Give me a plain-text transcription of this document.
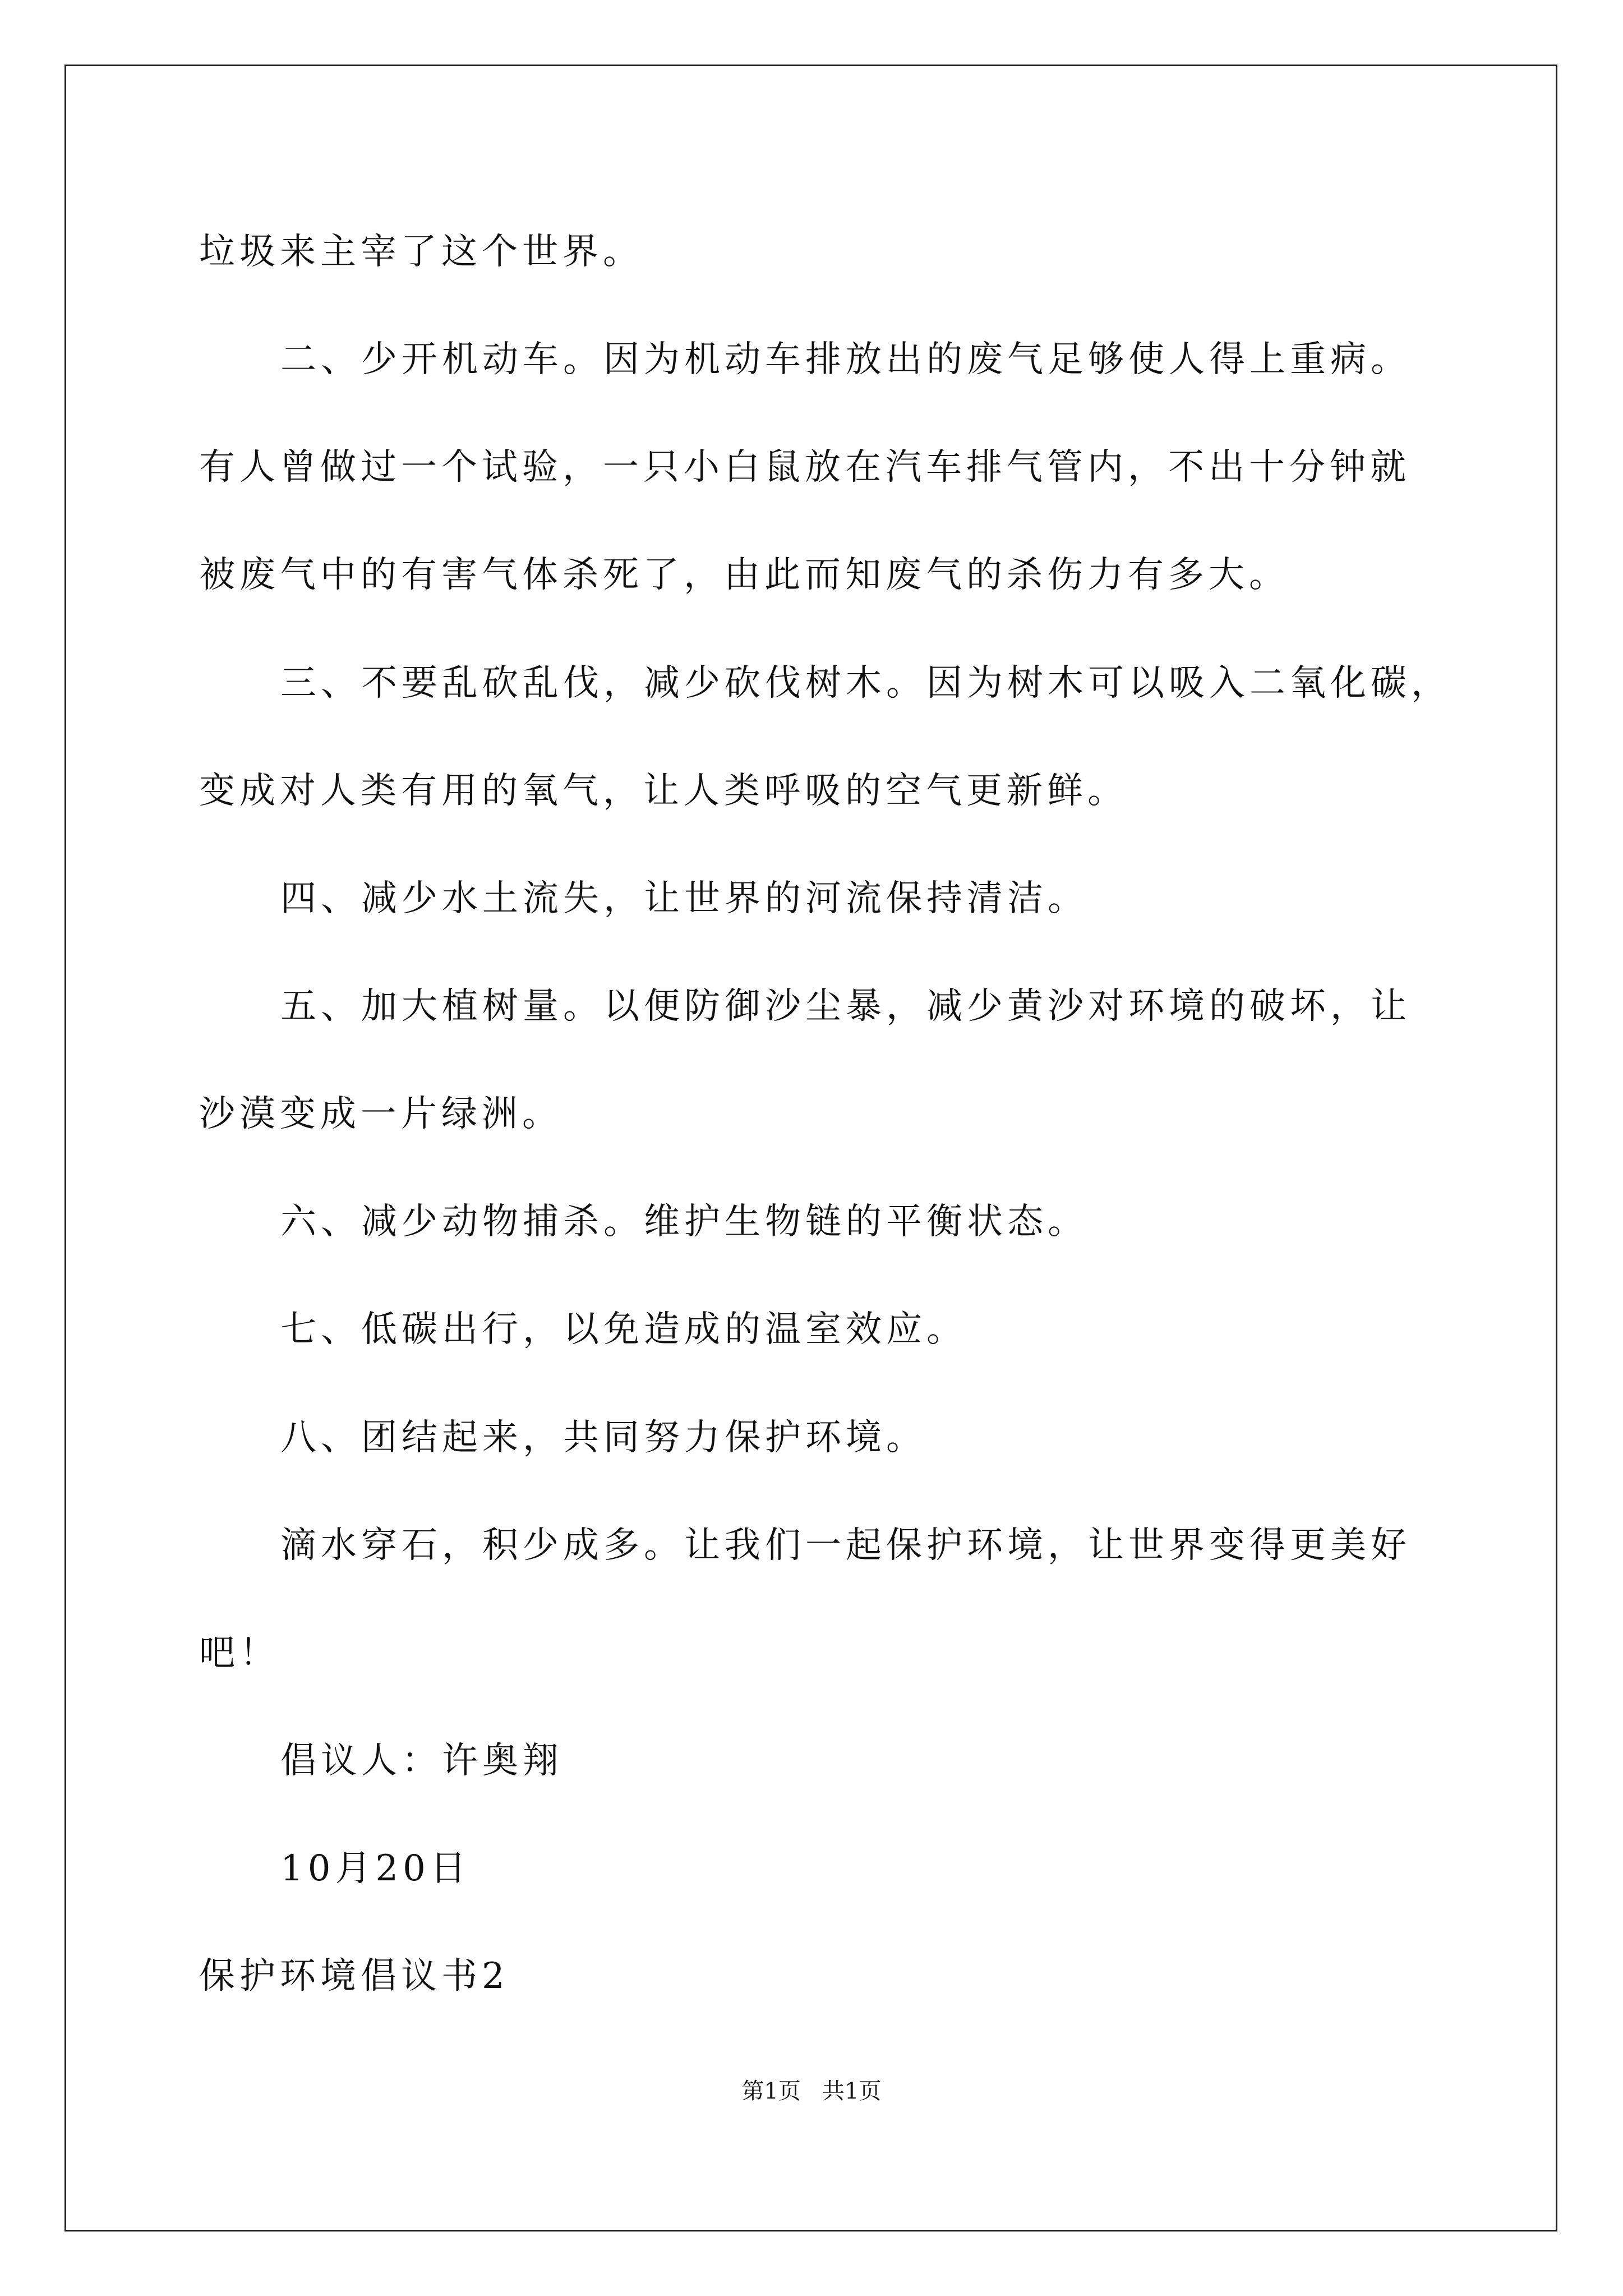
垃圾来主宰了这个世界。
二、少开机动车。因为机动车排放出的废气足够使人得上重病。
有人曾做过一个试验，一只小白鼠放在汽车排气管内，不出十分钟就
被废气中的有害气体杀死了，由此而知废气的杀伤力有多大。
三、不要乱砍乱伐，减少砍伐树木。因为树木可以吸入二氧化碳，
变成对人类有用的氧气，让人类呼吸的空气更新鲜。
四、减少水土流失，让世界的河流保持清洁。
五、加大植树量。以便防御沙尘暴，减少黄沙对环境的破坏，让
沙漠变成一片绿洲。
六、减少动物捕杀。维护生物链的平衡状态。
七、低碳出行，以免造成的温室效应。
八、团结起来，共同努力保护环境。
滴水穿石，积少成多。让我们一起保护环境，让世界变得更美好
吧！
倡议人：许奥翔
10月20日
保护环境倡议书2
第1页   共1页
